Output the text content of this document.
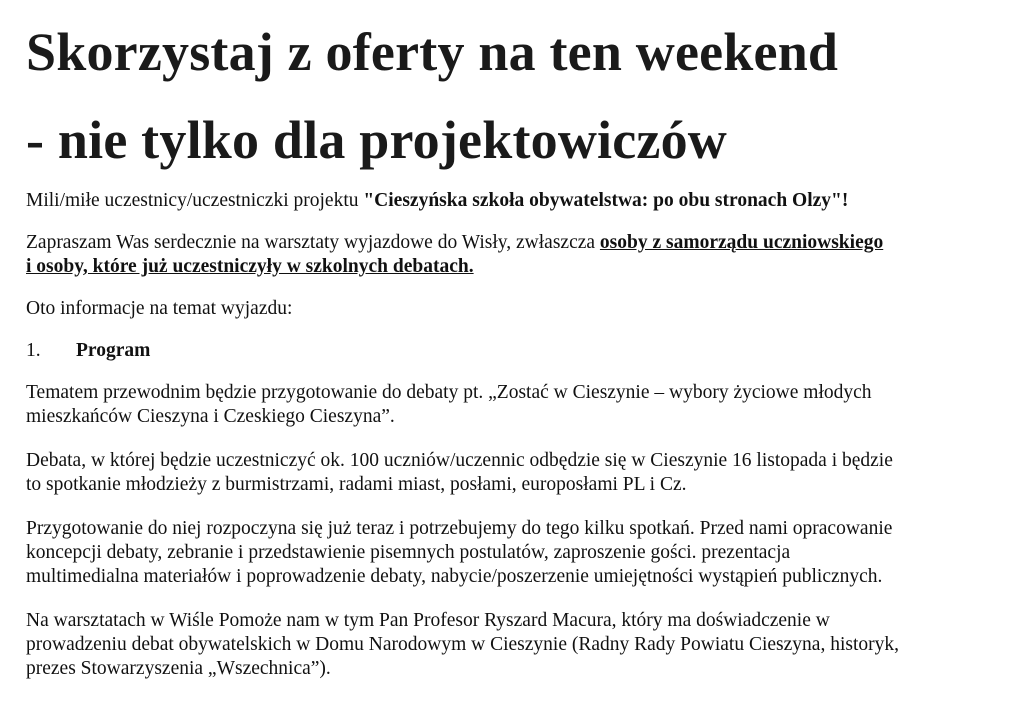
Skorzystaj z oferty na ten weekend
- nie tylko dla projektowiczów

Mili/miłe uczestnicy/uczestniczki projektu "Cieszyńska szkoła obywatelstwa: po obu stronach Olzy"!

Zapraszam Was serdecznie na warsztaty wyjazdowe do Wisły, zwłaszcza osoby z samorządu uczniowskiego

i osoby, które już uczestniczyły w szkolnych debatach.

Oto informacje na temat wyjazdu:

1. Program

Tematem przewodnim będzie przygotowanie do debaty pt. „Zostać w Cieszynie – wybory życiowe młodych

mieszkańców Cieszyna i Czeskiego Cieszyna”.

Debata, w której będzie uczestniczyć ok. 100 uczniów/uczennic odbędzie się w Cieszynie 16 listopada i będzie

to spotkanie młodzieży z burmistrzami, radami miast, posłami, europosłami PL i Cz.

Przygotowanie do niej rozpoczyna się już teraz i potrzebujemy do tego kilku spotkań. Przed nami opracowanie

koncepcji debaty, zebranie i przedstawienie pisemnych postulatów, zaproszenie gości. prezentacja

multimedialna materiałów i poprowadzenie debaty, nabycie/poszerzenie umiejętności wystąpień publicznych.

Na warsztatach w Wiśle Pomoże nam w tym Pan Profesor Ryszard Macura, który ma doświadczenie w

prowadzeniu debat obywatelskich w Domu Narodowym w Cieszynie (Radny Rady Powiatu Cieszyna, historyk,

prezes Stowarzyszenia „Wszechnica”).
